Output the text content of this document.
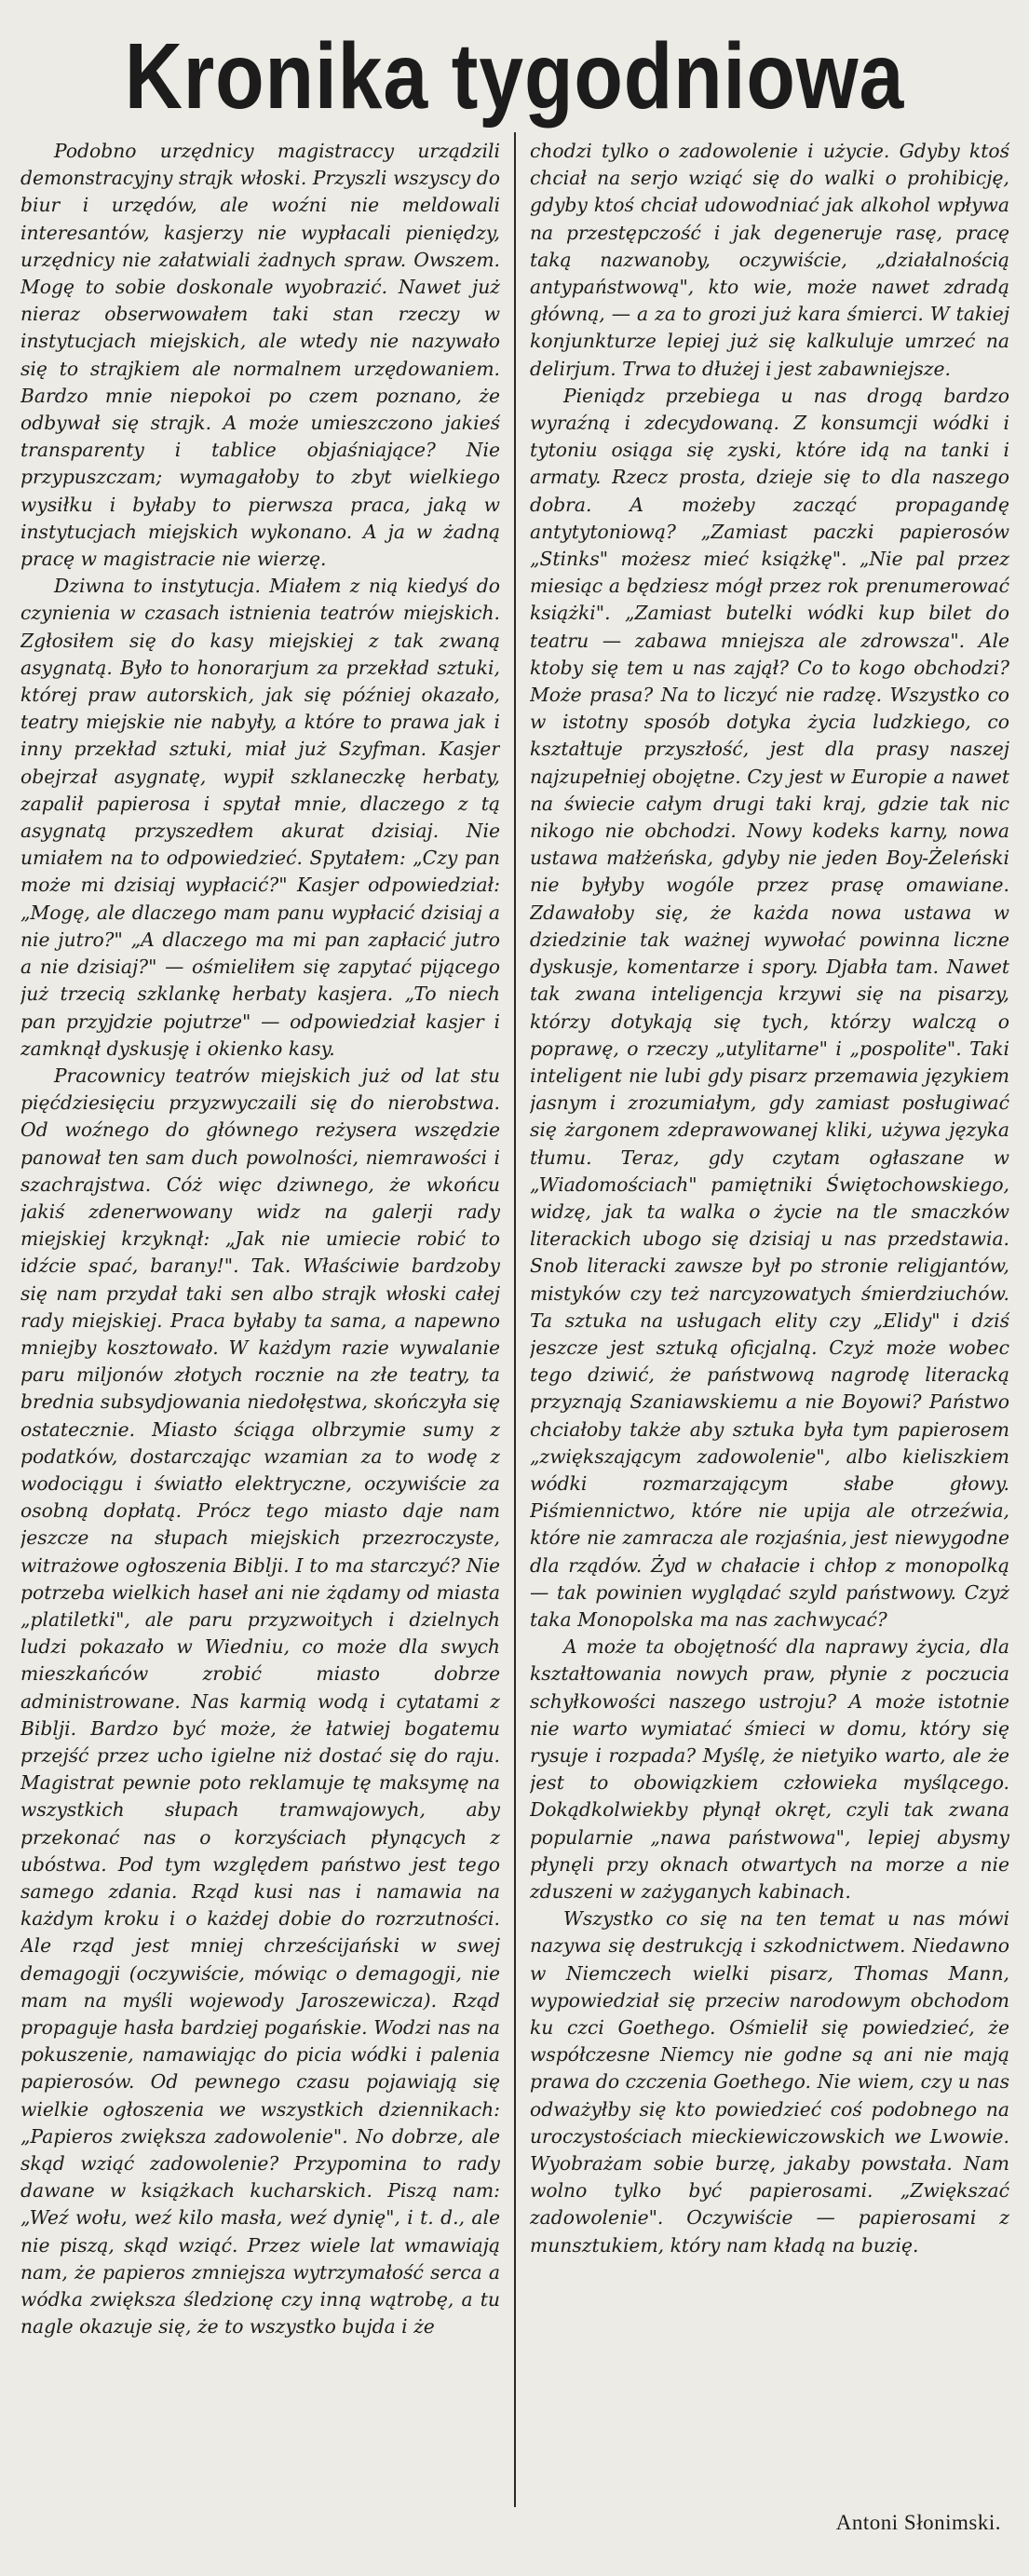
Kronika tygodniowa

Podobno urzędnicy magistraccy urządzili demonstracyjny strajk włoski. Przyszli wszyscy do biur i urzędów, ale woźni nie meldowali interesantów, kasjerzy nie wypłacali pieniędzy, urzędnicy nie załatwiali żadnych spraw. Owszem. Mogę to sobie doskonale wyobrazić. Nawet już nieraz obserwowałem taki stan rzeczy w instytucjach miejskich, ale wtedy nie nazywało się to strajkiem ale normalnem urzędowaniem. Bardzo mnie niepokoi po czem poznano, że odbywał się strajk. A może umieszczono jakieś transparenty i tablice objaśniające? Nie przypuszczam; wymagałoby to zbyt wielkiego wysiłku i byłaby to pierwsza praca, jaką w instytucjach miejskich wykonano. A ja w żadną pracę w magistracie nie wierzę.

Dziwna to instytucja. Miałem z nią kiedyś do czynienia w czasach istnienia teatrów miejskich. Zgłosiłem się do kasy miejskiej z tak zwaną asygnatą. Było to honorarjum za przekład sztuki, której praw autorskich, jak się później okazało, teatry miejskie nie nabyły, a które to prawa jak i inny przekład sztuki, miał już Szyfman. Kasjer obejrzał asygnatę, wypił szklaneczkę herbaty, zapalił papierosa i spytał mnie, dlaczego z tą asygnatą przyszedłem akurat dzisiaj. Nie umiałem na to odpowiedzieć. Spytałem: „Czy pan może mi dzisiaj wypłacić?" Kasjer odpowiedział: „Mogę, ale dlaczego mam panu wypłacić dzisiaj a nie jutro?" „A dlaczego ma mi pan zapłacić jutro a nie dzisiaj?" — ośmieliłem się zapytać pijącego już trzecią szklankę herbaty kasjera. „To niech pan przyjdzie pojutrze" — odpowiedział kasjer i zamknął dyskusję i okienko kasy.

Pracownicy teatrów miejskich już od lat stu pięćdziesięciu przyzwyczaili się do nierobstwa. Od woźnego do głównego reżysera wszędzie panował ten sam duch powolności, niemrawości i szachrajstwa. Cóż więc dziwnego, że wkońcu jakiś zdenerwowany widz na galerji rady miejskiej krzyknął: „Jak nie umiecie robić to idźcie spać, barany!". Tak. Właściwie bardzoby się nam przydał taki sen albo strajk włoski całej rady miejskiej. Praca byłaby ta sama, a napewno mniejby kosztowało. W każdym razie wywalanie paru miljonów złotych rocznie na złe teatry, ta brednia subsydjowania niedołęstwa, skończyła się ostatecznie. Miasto ściąga olbrzymie sumy z podatków, dostarczając wzamian za to wodę z wodociągu i światło elektryczne, oczywiście za osobną dopłatą. Prócz tego miasto daje nam jeszcze na słupach miejskich przezroczyste, witrażowe ogłoszenia Biblji. I to ma starczyć? Nie potrzeba wielkich haseł ani nie żądamy od miasta „platiletki", ale paru przyzwoitych i dzielnych ludzi pokazało w Wiedniu, co może dla swych mieszkańców zrobić miasto dobrze administrowane. Nas karmią wodą i cytatami z Biblji. Bardzo być może, że łatwiej bogatemu przejść przez ucho igielne niż dostać się do raju. Magistrat pewnie poto reklamuje tę maksymę na wszystkich słupach tramwajowych, aby przekonać nas o korzyściach płynących z ubóstwa. Pod tym względem państwo jest tego samego zdania. Rząd kusi nas i namawia na każdym kroku i o każdej dobie do rozrzutności. Ale rząd jest mniej chrześcijański w swej demagogji (oczywiście, mówiąc o demagogji, nie mam na myśli wojewody Jaroszewicza). Rząd propaguje hasła bardziej pogańskie. Wodzi nas na pokuszenie, namawiając do picia wódki i palenia papierosów. Od pewnego czasu pojawiają się wielkie ogłoszenia we wszystkich dziennikach: „Papieros zwiększa zadowolenie". No dobrze, ale skąd wziąć zadowolenie? Przypomina to rady dawane w książkach kucharskich. Piszą nam: „Weź wołu, weź kilo masła, weź dynię", i t. d., ale nie piszą, skąd wziąć. Przez wiele lat wmawiają nam, że papieros zmniejsza wytrzymałość serca a wódka zwiększa śledzionę czy inną wątrobę, a tu nagle okazuje się, że to wszystko bujda i że

chodzi tylko o zadowolenie i użycie. Gdyby ktoś chciał na serjo wziąć się do walki o prohibicję, gdyby ktoś chciał udowodniać jak alkohol wpływa na przestępczość i jak degeneruje rasę, pracę taką nazwanoby, oczywiście, „działalnością antypaństwową", kto wie, może nawet zdradą główną, — a za to grozi już kara śmierci. W takiej konjunkturze lepiej już się kalkuluje umrzeć na delirjum. Trwa to dłużej i jest zabawniejsze.

Pieniądz przebiega u nas drogą bardzo wyraźną i zdecydowaną. Z konsumcji wódki i tytoniu osiąga się zyski, które idą na tanki i armaty. Rzecz prosta, dzieje się to dla naszego dobra. A możeby zacząć propagandę antytytoniową? „Zamiast paczki papierosów „Stinks" możesz mieć książkę". „Nie pal przez miesiąc a będziesz mógł przez rok prenumerować książki". „Zamiast butelki wódki kup bilet do teatru — zabawa mniejsza ale zdrowsza". Ale ktoby się tem u nas zajął? Co to kogo obchodzi? Może prasa? Na to liczyć nie radzę. Wszystko co w istotny sposób dotyka życia ludzkiego, co kształtuje przyszłość, jest dla prasy naszej najzupełniej obojętne. Czy jest w Europie a nawet na świecie całym drugi taki kraj, gdzie tak nic nikogo nie obchodzi. Nowy kodeks karny, nowa ustawa małżeńska, gdyby nie jeden Boy-Żeleński nie byłyby wogóle przez prasę omawiane. Zdawałoby się, że każda nowa ustawa w dziedzinie tak ważnej wywołać powinna liczne dyskusje, komentarze i spory. Djabła tam. Nawet tak zwana inteligencja krzywi się na pisarzy, którzy dotykają się tych, którzy walczą o poprawę, o rzeczy „utylitarne" i „pospolite". Taki inteligent nie lubi gdy pisarz przemawia językiem jasnym i zrozumiałym, gdy zamiast posługiwać się żargonem zdeprawowanej kliki, używa języka tłumu. Teraz, gdy czytam ogłaszane w „Wiadomościach" pamiętniki Świętochowskiego, widzę, jak ta walka o życie na tle smaczków literackich ubogo się dzisiaj u nas przedstawia. Snob literacki zawsze był po stronie religjantów, mistyków czy też narcyzowatych śmierdziuchów. Ta sztuka na usługach elity czy „Elidy" i dziś jeszcze jest sztuką oficjalną. Czyż może wobec tego dziwić, że państwową nagrodę literacką przyznają Szaniawskiemu a nie Boyowi? Państwo chciałoby także aby sztuka była tym papierosem „zwiększającym zadowolenie", albo kieliszkiem wódki rozmarzającym słabe głowy. Piśmiennictwo, które nie upija ale otrzeźwia, które nie zamracza ale rozjaśnia, jest niewygodne dla rządów. Żyd w chałacie i chłop z monopolką — tak powinien wyglądać szyld państwowy. Czyż taka Monopolska ma nas zachwycać?

A może ta obojętność dla naprawy życia, dla kształtowania nowych praw, płynie z poczucia schyłkowości naszego ustroju? A może istotnie nie warto wymiatać śmieci w domu, który się rysuje i rozpada? Myślę, że nietyiko warto, ale że jest to obowiązkiem człowieka myślącego. Dokądkolwiekby płynął okręt, czyli tak zwana popularnie „nawa państwowa", lepiej abysmy płynęli przy oknach otwartych na morze a nie zduszeni w zażyganych kabinach.

Wszystko co się na ten temat u nas mówi nazywa się destrukcją i szkodnictwem. Niedawno w Niemczech wielki pisarz, Thomas Mann, wypowiedział się przeciw narodowym obchodom ku czci Goethego. Ośmielił się powiedzieć, że współczesne Niemcy nie godne są ani nie mają prawa do czczenia Goethego. Nie wiem, czy u nas odważyłby się kto powiedzieć coś podobnego na uroczystościach mieckiewiczowskich we Lwowie. Wyobrażam sobie burzę, jakaby powstała. Nam wolno tylko być papierosami. „Zwiększać zadowolenie". Oczywiście — papierosami z munsztukiem, który nam kładą na buzię.

Antoni Słonimski.
